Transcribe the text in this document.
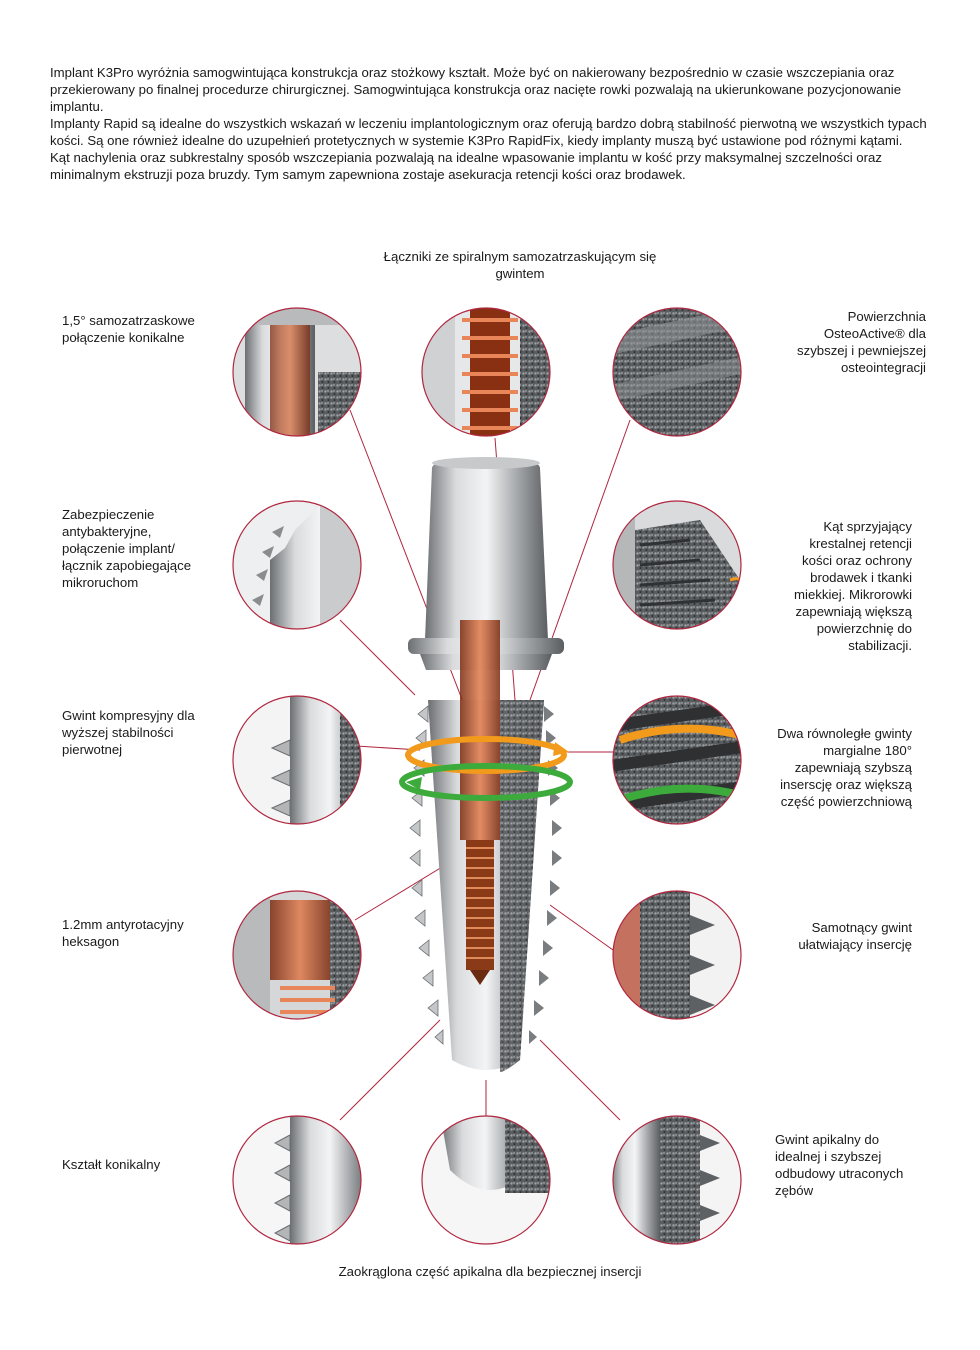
Implant K3Pro wyróżnia samogwintująca konstrukcja oraz stożkowy kształt. Może być on nakierowany bezpośrednio w czasie wszczepiania oraz przekierowany po finalnej procedurze chirurgicznej. Samogwintująca konstrukcja oraz nacięte rowki pozwalają na ukierunkowane pozycjonowanie implantu.

Implanty Rapid są idealne do wszystkich wskazań w leczeniu implantologicznym oraz oferują bardzo dobrą stabilność pierwotną we wszystkich typach kości. Są one również idealne do uzupełnień protetycznych w systemie K3Pro RapidFix, kiedy implanty muszą być ustawione pod różnymi kątami.

Kąt nachylenia oraz subkrestalny sposób wszczepiania pozwalają na idealne wpasowanie implantu w kość przy maksymalnej szczelności oraz minimalnym ekstruzji poza bruzdy. Tym samym zapewniona zostaje asekuracja retencji kości oraz brodawek.

Łączniki ze spiralnym samozatrzaskującym się gwintem
1,5° samozatrzaskowe połączenie konikalne
Zabezpieczenie antybakteryjne, połączenie implant/ łącznik zapobiegające mikroruchom
Gwint kompresyjny dla wyższej stabilności pierwotnej
1.2mm antyrotacyjny heksagon
Kształt konikalny
Powierzchnia OsteoActive® dla szybszej i pewniejszej osteointegracji
Kąt sprzyjający krestalnej retencji kości oraz ochrony brodawek i tkanki miekkiej. Mikrorowki zapewniają większą powierzchnię do stabilizacji.
Dwa równoległe gwinty margialne 180° zapewniają szybszą inserscję oraz większą część powierzchniową
Samotnący gwint ułatwiający insercję
Gwint apikalny do idealnej i szybszej odbudowy utraconych zębów
Zaokrąglona część apikalna dla bezpiecznej insercji
